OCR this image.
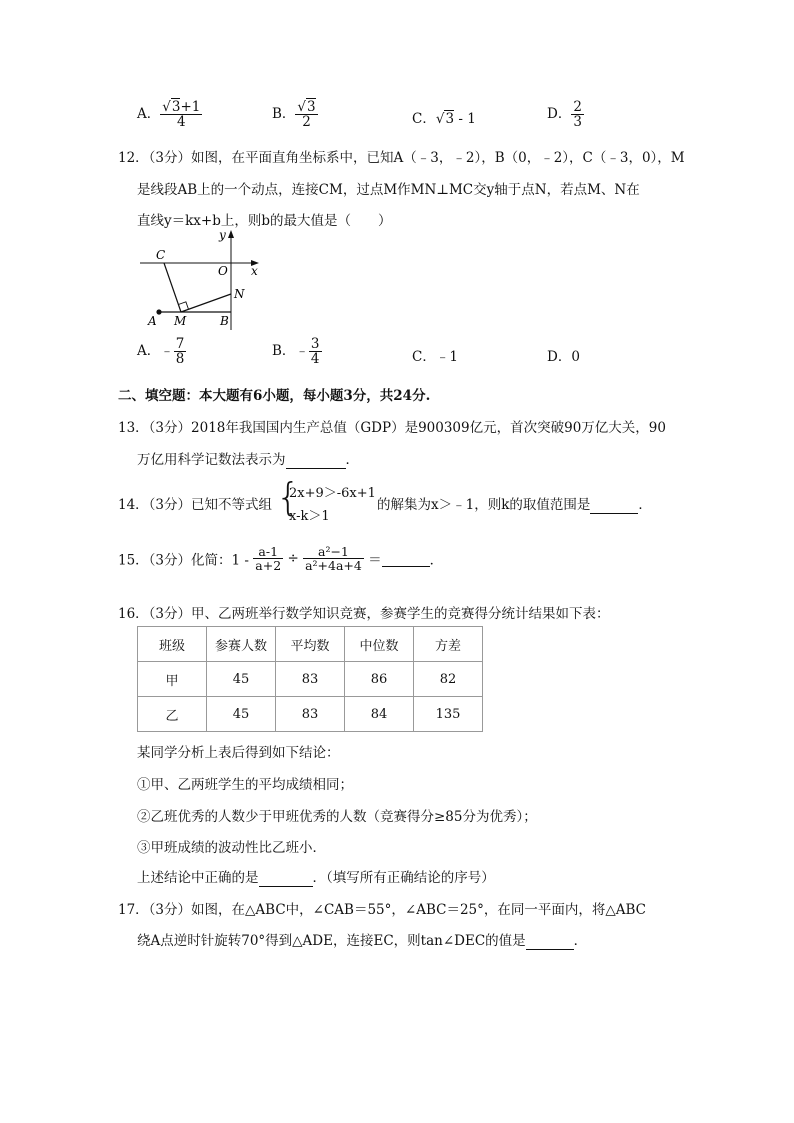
A． $\frac{√3+1}{4}$	B． $\frac{√3}{2}$	C．√3 - 1	D． $\frac{2}{3}$
12．（3分）如图，在平面直角坐标系中，已知A（﹣3，﹣2），B（0，﹣2），C（﹣3，0），M
是线段AB上的一个动点，连接CM，过点M作MN⊥MC交y轴于点N，若点M、N在
直线y＝kx+b上，则b的最大值是（　　）
C
y
O x
N
A M	B
A．﹣ $\frac{7}{8}$	B．﹣ $\frac{3}{4}$	C．﹣1	D．0
二、填空题：本大题有6小题，每小题3分，共24分.
13．（3分）2018年我国国内生产总值（GDP）是900309亿元，首次突破90万亿大关，90
万亿用科学记数法表示为	．
14．（3分）已知不等式组 {
2x+9＞-6x+1
x-k＞1
的解集为x＞﹣1，则k的取值范围是	．
15．（3分）化简：$1 - \frac{a-1}{a+2} \div \frac{\text{a²−1}}{\text{a²+4a+4}}$ ＝	．
16．（3分）甲、乙两班举行数学知识竞赛，参赛学生的竞赛得分统计结果如下表：
班级	参赛人数	平均数	中位数	方差
甲	45	83	86	82
乙	45	83	84	135
某同学分析上表后得到如下结论：
①甲、乙两班学生的平均成绩相同；
②乙班优秀的人数少于甲班优秀的人数（竞赛得分≥85分为优秀）；
③甲班成绩的波动性比乙班小．
上述结论中正确的是	．（填写所有正确结论的序号）
17．（3分）如图，在△ABC中，∠CAB＝55°，∠ABC＝25°，在同一平面内，将△ABC
绕A点逆时针旋转70°得到△ADE，连接EC，则tan∠DEC的值是	．
